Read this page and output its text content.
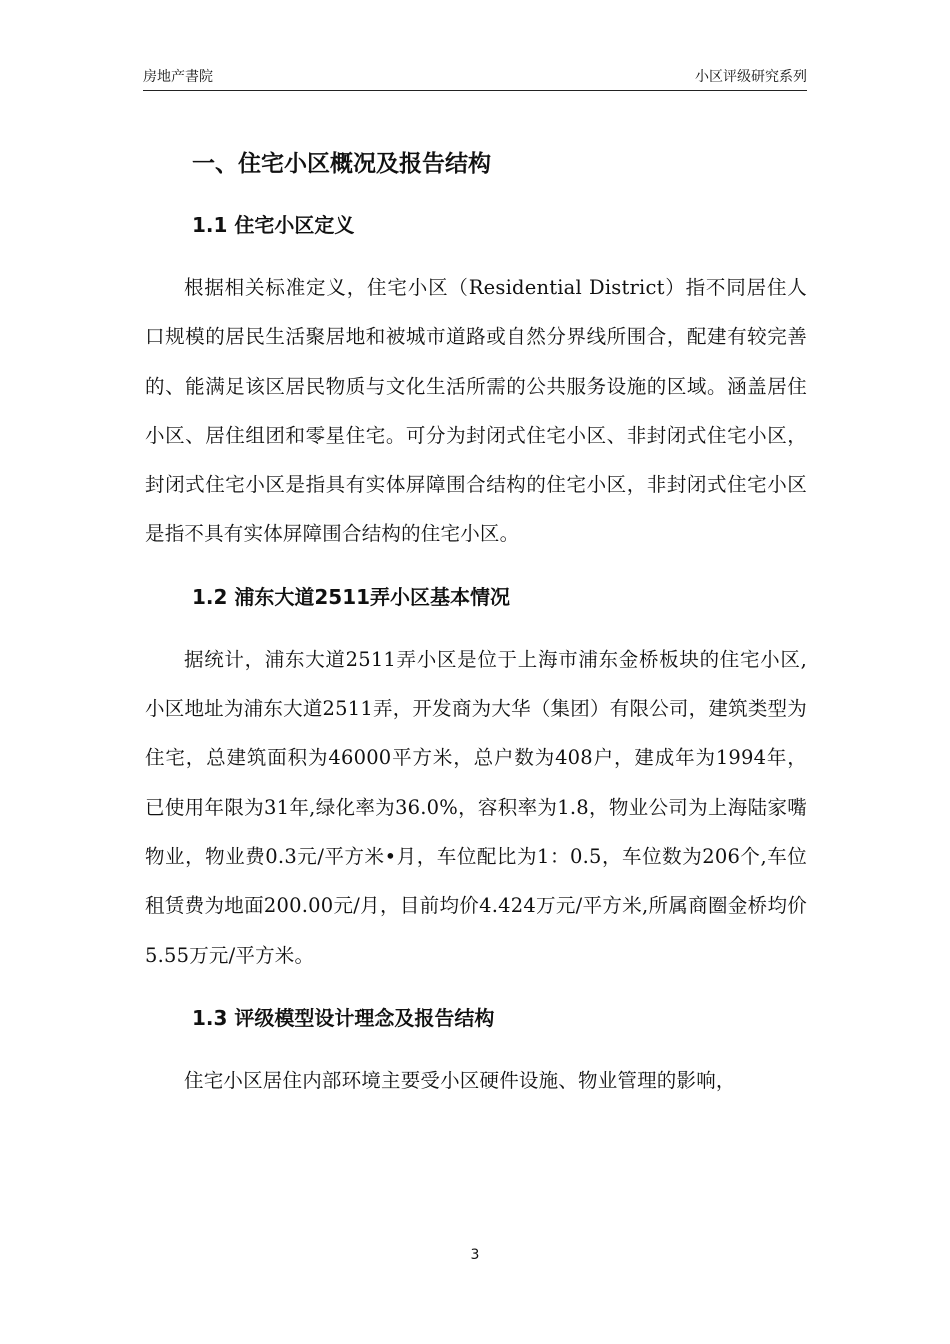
房地产書院	小区评级研究系列
一、住宅小区概况及报告结构
1.1 住宅小区定义

根据相关标准定义，住宅小区（Residential District）指不同居住人口规模的居民生活聚居地和被城市道路或自然分界线所围合，配建有较完善的、能满足该区居民物质与文化生活所需的公共服务设施的区域。涵盖居住小区、居住组团和零星住宅。可分为封闭式住宅小区、非封闭式住宅小区，封闭式住宅小区是指具有实体屏障围合结构的住宅小区，非封闭式住宅小区是指不具有实体屏障围合结构的住宅小区。

1.2 浦东大道2511弄小区基本情况

据统计，浦东大道2511弄小区是位于上海市浦东金桥板块的住宅小区,小区地址为浦东大道2511弄，开发商为大华（集团）有限公司，建筑类型为住宅，总建筑面积为46000平方米，总户数为408户，建成年为1994年，已使用年限为31年,绿化率为36.0%，容积率为1.8，物业公司为上海陆家嘴物业，物业费0.3元/平方米•月，车位配比为1：0.5，车位数为206个,车位租赁费为地面200.00元/月，目前均价4.424万元/平方米,所属商圈金桥均价5.55万元/平方米。

1.3 评级模型设计理念及报告结构

住宅小区居住内部环境主要受小区硬件设施、物业管理的影响，

3
